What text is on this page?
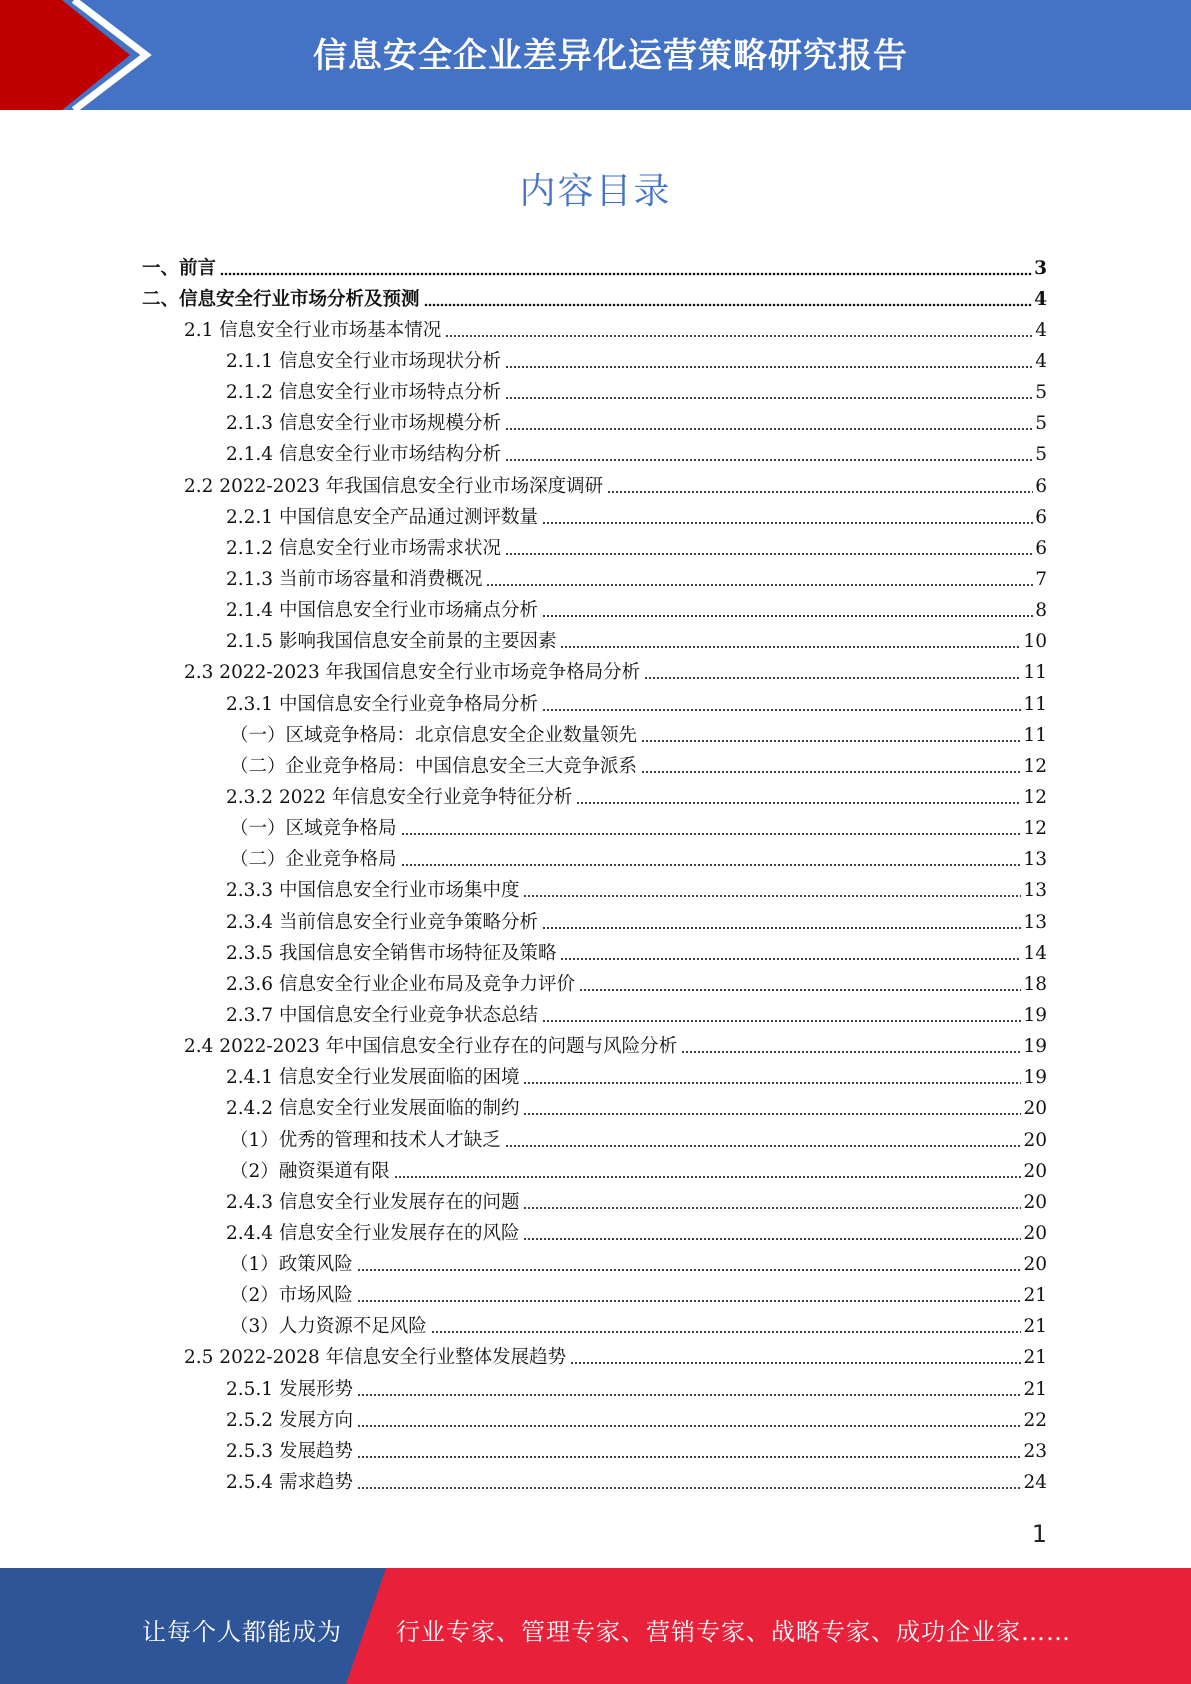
信息安全企业差异化运营策略研究报告
内容目录
一、前言	3
二、信息安全行业市场分析及预测	4
2.1 信息安全行业市场基本情况	4
2.1.1 信息安全行业市场现状分析	4
2.1.2 信息安全行业市场特点分析	5
2.1.3 信息安全行业市场规模分析	5
2.1.4 信息安全行业市场结构分析	5
2.2 2022-2023 年我国信息安全行业市场深度调研	6
2.2.1 中国信息安全产品通过测评数量	6
2.1.2 信息安全行业市场需求状况	6
2.1.3 当前市场容量和消费概况	7
2.1.4 中国信息安全行业市场痛点分析	8
2.1.5 影响我国信息安全前景的主要因素	10
2.3 2022-2023 年我国信息安全行业市场竞争格局分析	11
2.3.1 中国信息安全行业竞争格局分析	11
（一）区域竞争格局：北京信息安全企业数量领先	11
（二）企业竞争格局：中国信息安全三大竞争派系	12
2.3.2 2022 年信息安全行业竞争特征分析	12
（一）区域竞争格局	12
（二）企业竞争格局	13
2.3.3 中国信息安全行业市场集中度	13
2.3.4 当前信息安全行业竞争策略分析	13
2.3.5 我国信息安全销售市场特征及策略	14
2.3.6 信息安全行业企业布局及竞争力评价	18
2.3.7 中国信息安全行业竞争状态总结	19
2.4 2022-2023 年中国信息安全行业存在的问题与风险分析	19
2.4.1 信息安全行业发展面临的困境	19
2.4.2 信息安全行业发展面临的制约	20
（1）优秀的管理和技术人才缺乏	20
（2）融资渠道有限	20
2.4.3 信息安全行业发展存在的问题	20
2.4.4 信息安全行业发展存在的风险	20
（1）政策风险	20
（2）市场风险	21
（3）人力资源不足风险	21
2.5 2022-2028 年信息安全行业整体发展趋势	21
2.5.1 发展形势	21
2.5.2 发展方向	22
2.5.3 发展趋势	23
2.5.4 需求趋势	24
1
让每个人都能成为 行业专家、管理专家、营销专家、战略专家、成功企业家……
